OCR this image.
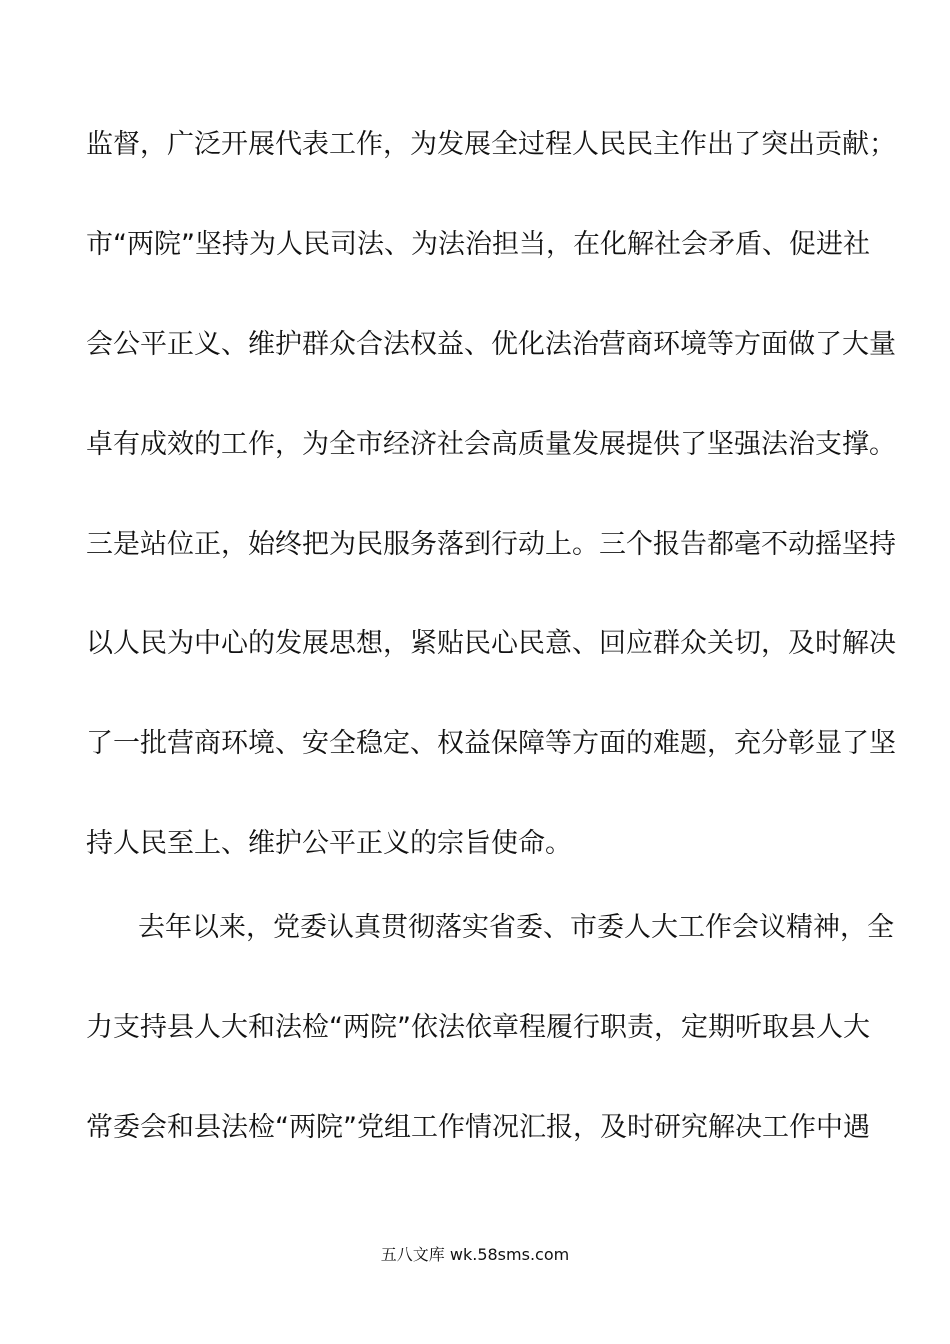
监督，广泛开展代表工作，为发展全过程人民民主作出了突出贡献；
市“两院”坚持为人民司法、为法治担当，在化解社会矛盾、促进社
会公平正义、维护群众合法权益、优化法治营商环境等方面做了大量
卓有成效的工作，为全市经济社会高质量发展提供了坚强法治支撑。
三是站位正，始终把为民服务落到行动上。三个报告都毫不动摇坚持
以人民为中心的发展思想，紧贴民心民意、回应群众关切，及时解决
了一批营商环境、安全稳定、权益保障等方面的难题，充分彰显了坚
持人民至上、维护公平正义的宗旨使命。
去年以来，党委认真贯彻落实省委、市委人大工作会议精神，全
力支持县人大和法检“两院”依法依章程履行职责，定期听取县人大
常委会和县法检“两院”党组工作情况汇报，及时研究解决工作中遇
五八文库 wk.58sms.com
